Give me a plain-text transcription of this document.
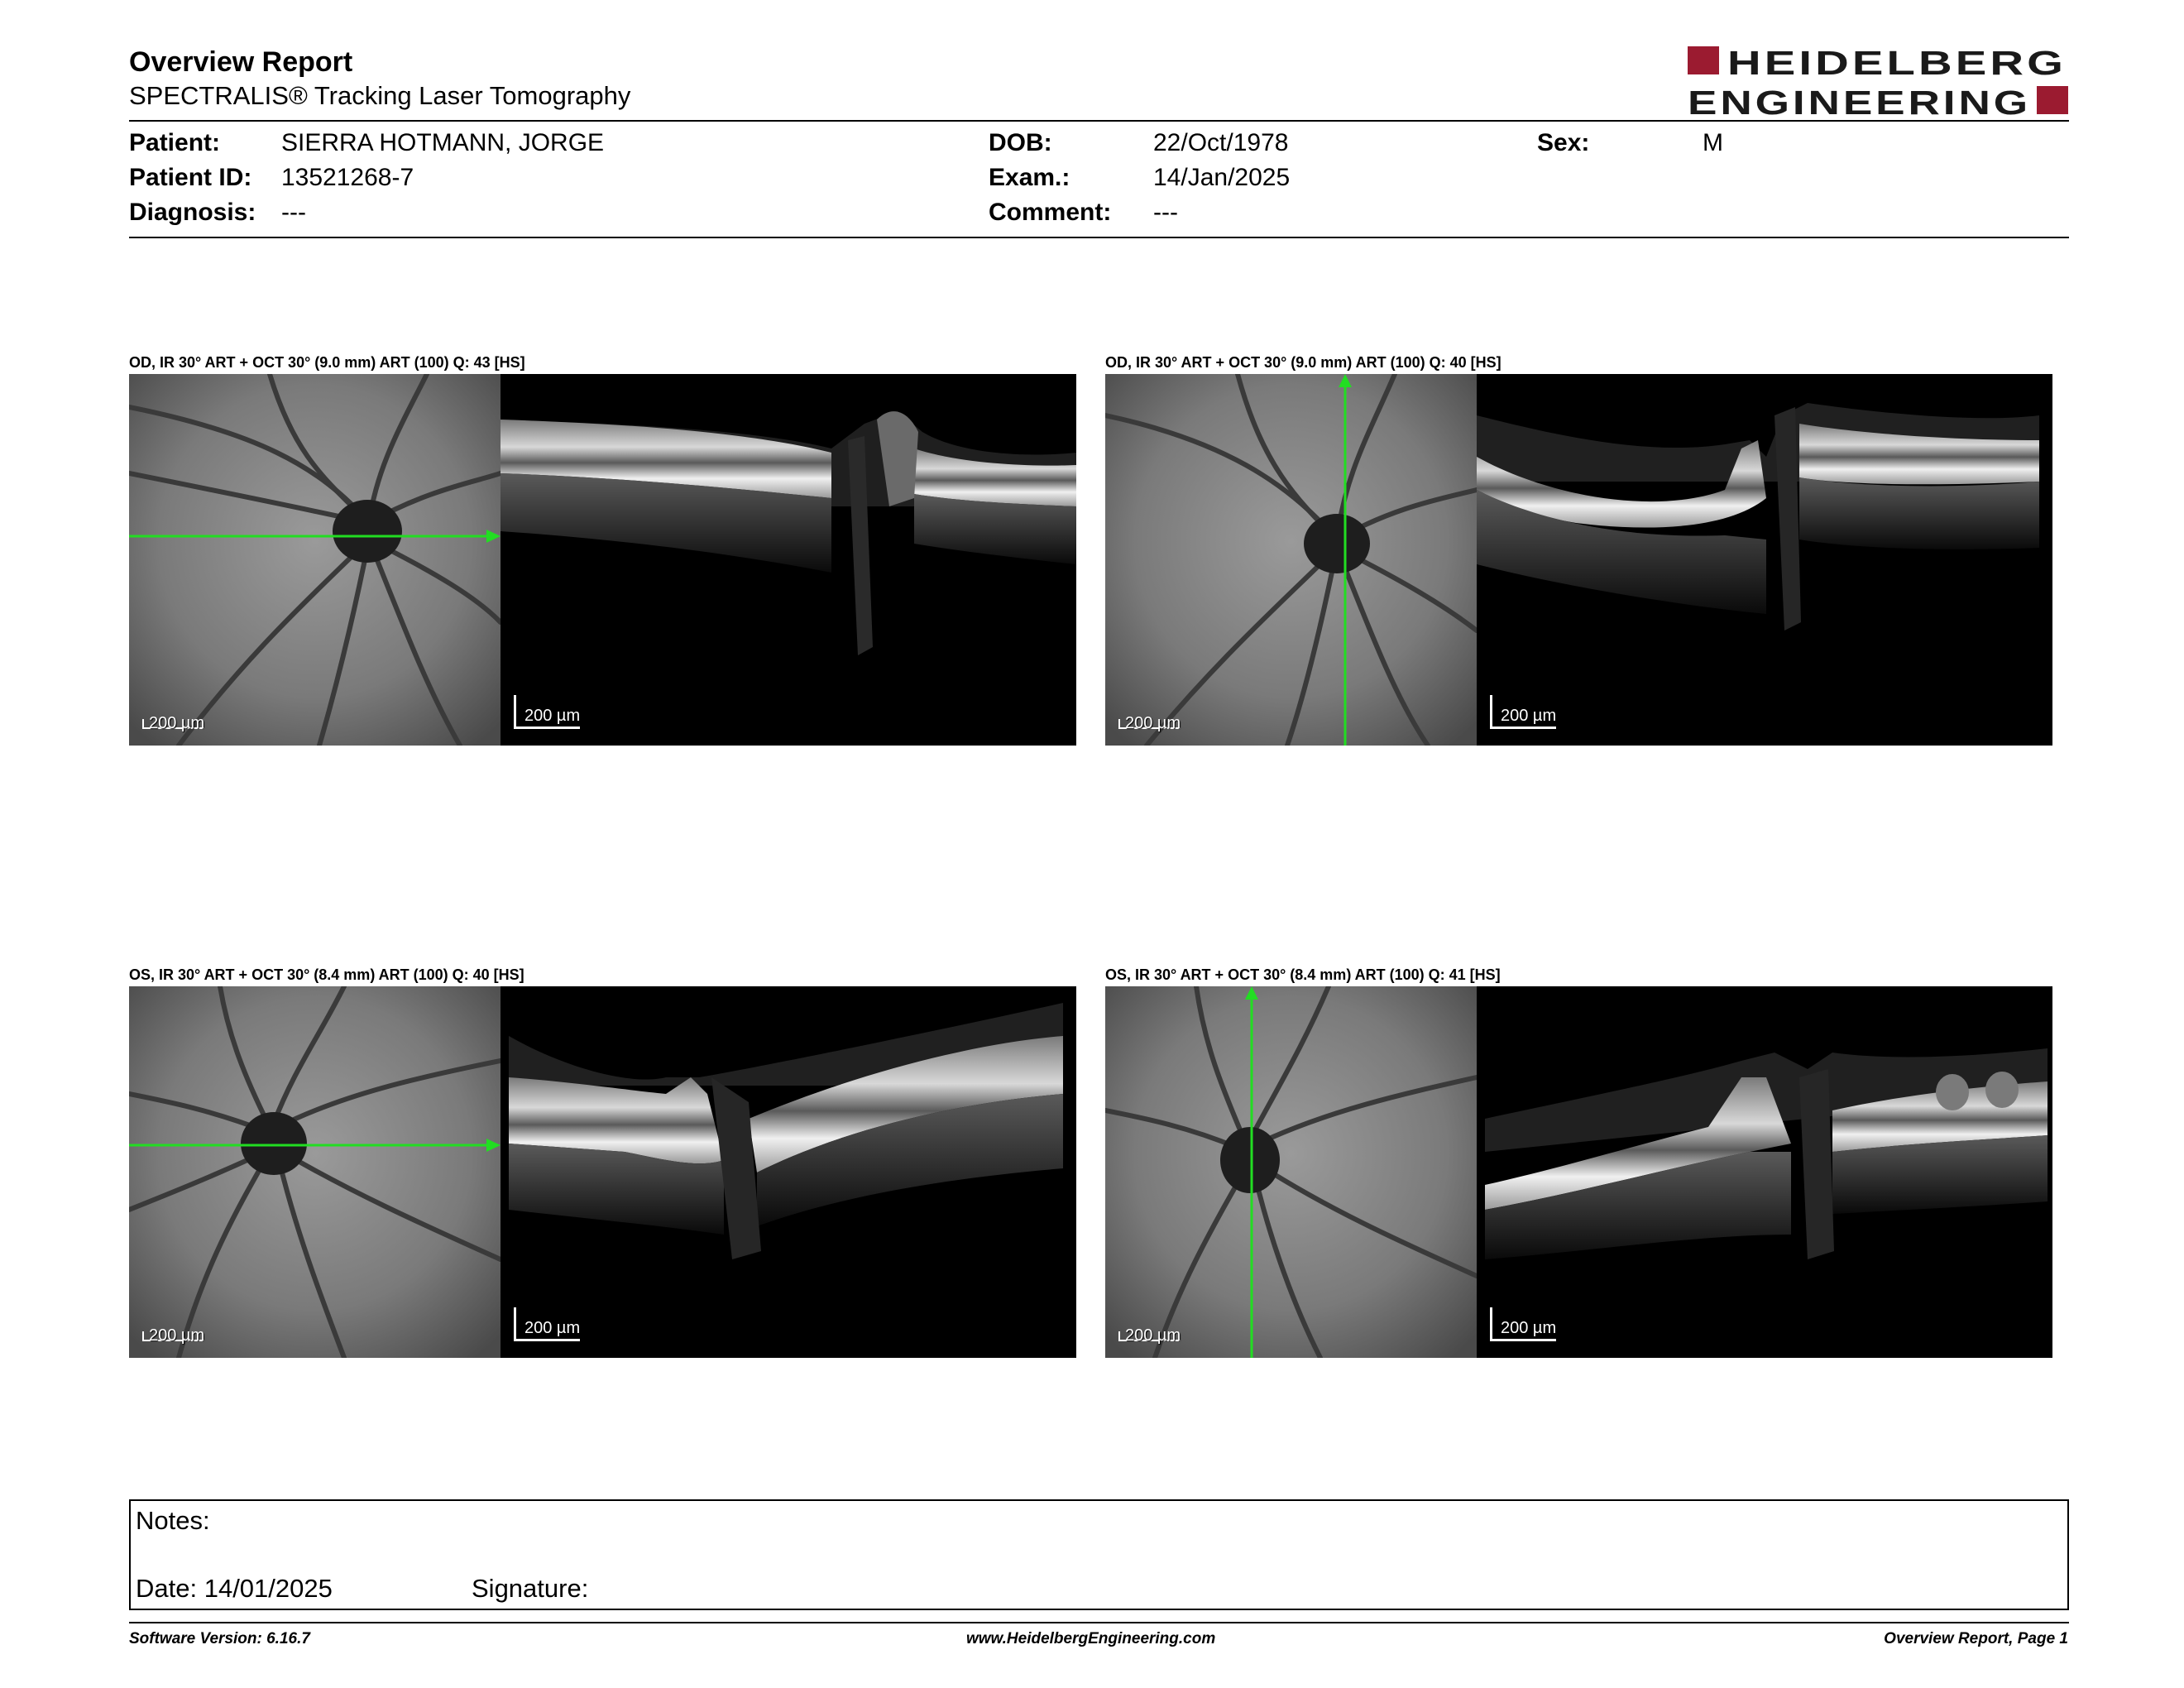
Overview Report
SPECTRALIS® Tracking Laser Tomography
HEIDELBERG
ENGINEERING
Patient: SIERRA HOTMANN, JORGE
Patient ID: 13521268-7
Diagnosis: ---
DOB:	22/Oct/1978
Exam.:	14/Jan/2025
Comment: ---
Sex:	M
OD, IR 30° ART + OCT 30° (9.0 mm) ART (100) Q: 43 [HS]
200 µm	200 µm
OD, IR 30° ART + OCT 30° (9.0 mm) ART (100) Q: 40 [HS]
200 µm	200 µm
OS, IR 30° ART + OCT 30° (8.4 mm) ART (100) Q: 40 [HS]
200 µm	200 µm
OS, IR 30° ART + OCT 30° (8.4 mm) ART (100) Q: 41 [HS]
200 µm	200 µm
Notes:
Date: 14/01/2025	Signature:
Software Version: 6.16.7	www.HeidelbergEngineering.com	Overview Report, Page 1
